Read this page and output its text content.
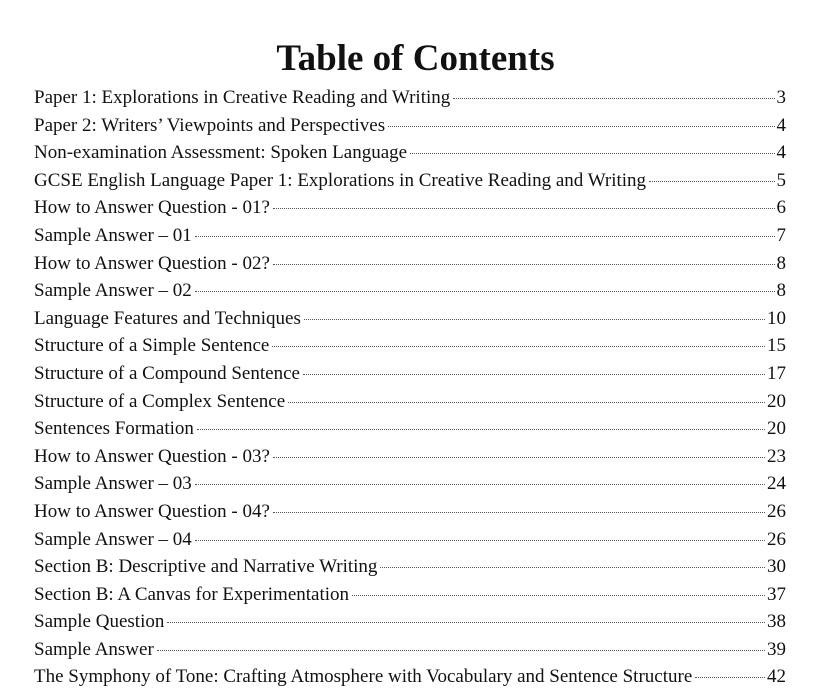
Table of Contents
Paper 1: Explorations in Creative Reading and Writing	3
Paper 2: Writers’ Viewpoints and Perspectives	4
Non-examination Assessment: Spoken Language	4
GCSE English Language Paper 1: Explorations in Creative Reading and Writing	5
How to Answer Question - 01?	6
Sample Answer – 01	7
How to Answer Question - 02?	8
Sample Answer – 02	8
Language Features and Techniques	10
Structure of a Simple Sentence	15
Structure of a Compound Sentence	17
Structure of a Complex Sentence	20
Sentences Formation	20
How to Answer Question - 03?	23
Sample Answer – 03	24
How to Answer Question - 04?	26
Sample Answer – 04	26
Section B: Descriptive and Narrative Writing	30
Section B: A Canvas for Experimentation	37
Sample Question	38
Sample Answer	39
The Symphony of Tone: Crafting Atmosphere with Vocabulary and Sentence Structure	42
